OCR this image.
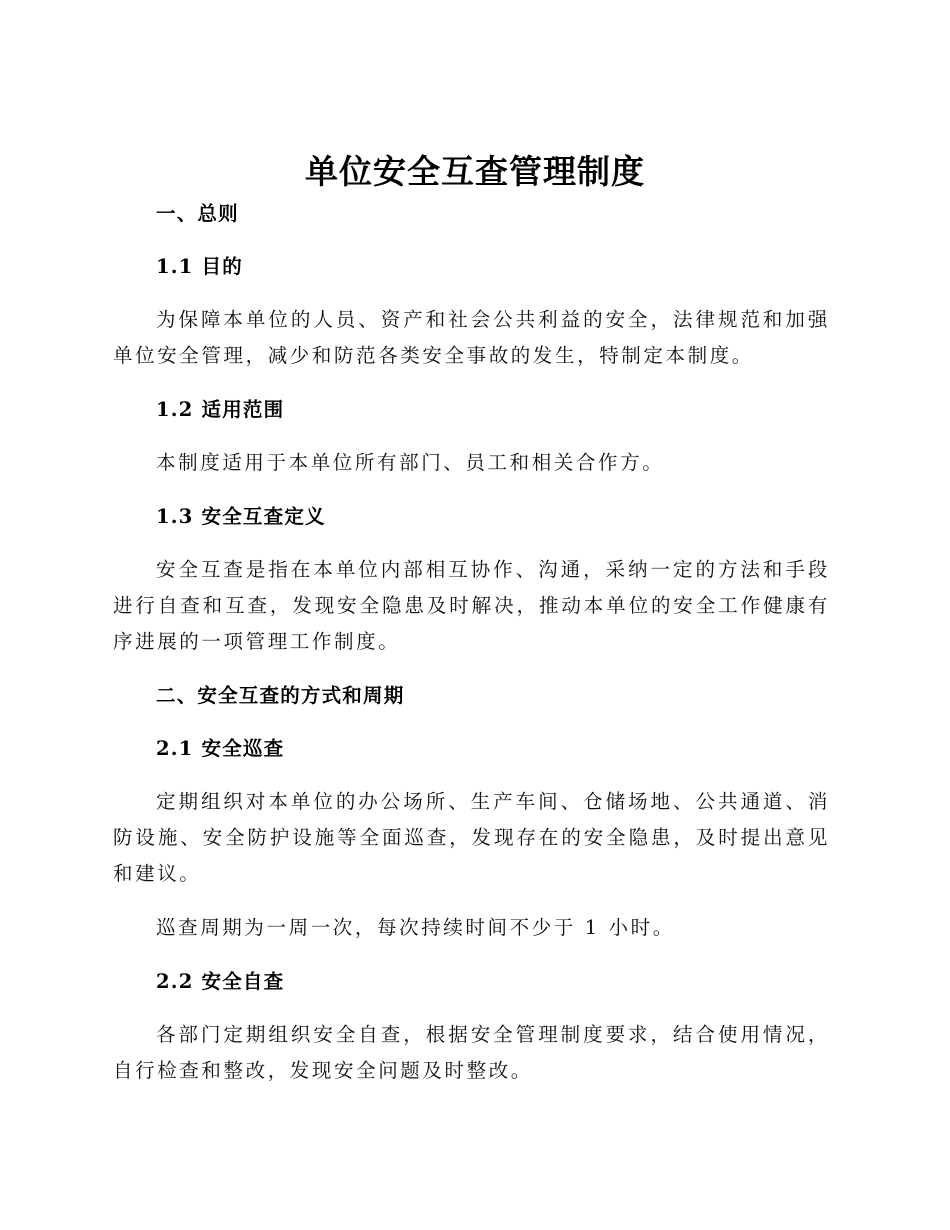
单位安全互查管理制度
一、总则
1.1 目的
为保障本单位的人员、资产和社会公共利益的安全，法律规范和加强单位安全管理，减少和防范各类安全事故的发生，特制定本制度。
1.2 适用范围
本制度适用于本单位所有部门、员工和相关合作方。
1.3 安全互查定义
安全互查是指在本单位内部相互协作、沟通，采纳一定的方法和手段进行自查和互查，发现安全隐患及时解决，推动本单位的安全工作健康有序进展的一项管理工作制度。
二、安全互查的方式和周期
2.1 安全巡查
定期组织对本单位的办公场所、生产车间、仓储场地、公共通道、消防设施、安全防护设施等全面巡查，发现存在的安全隐患，及时提出意见和建议。
巡查周期为一周一次，每次持续时间不少于 1 小时。
2.2 安全自查
各部门定期组织安全自查，根据安全管理制度要求，结合使用情况，自行检查和整改，发现安全问题及时整改。
